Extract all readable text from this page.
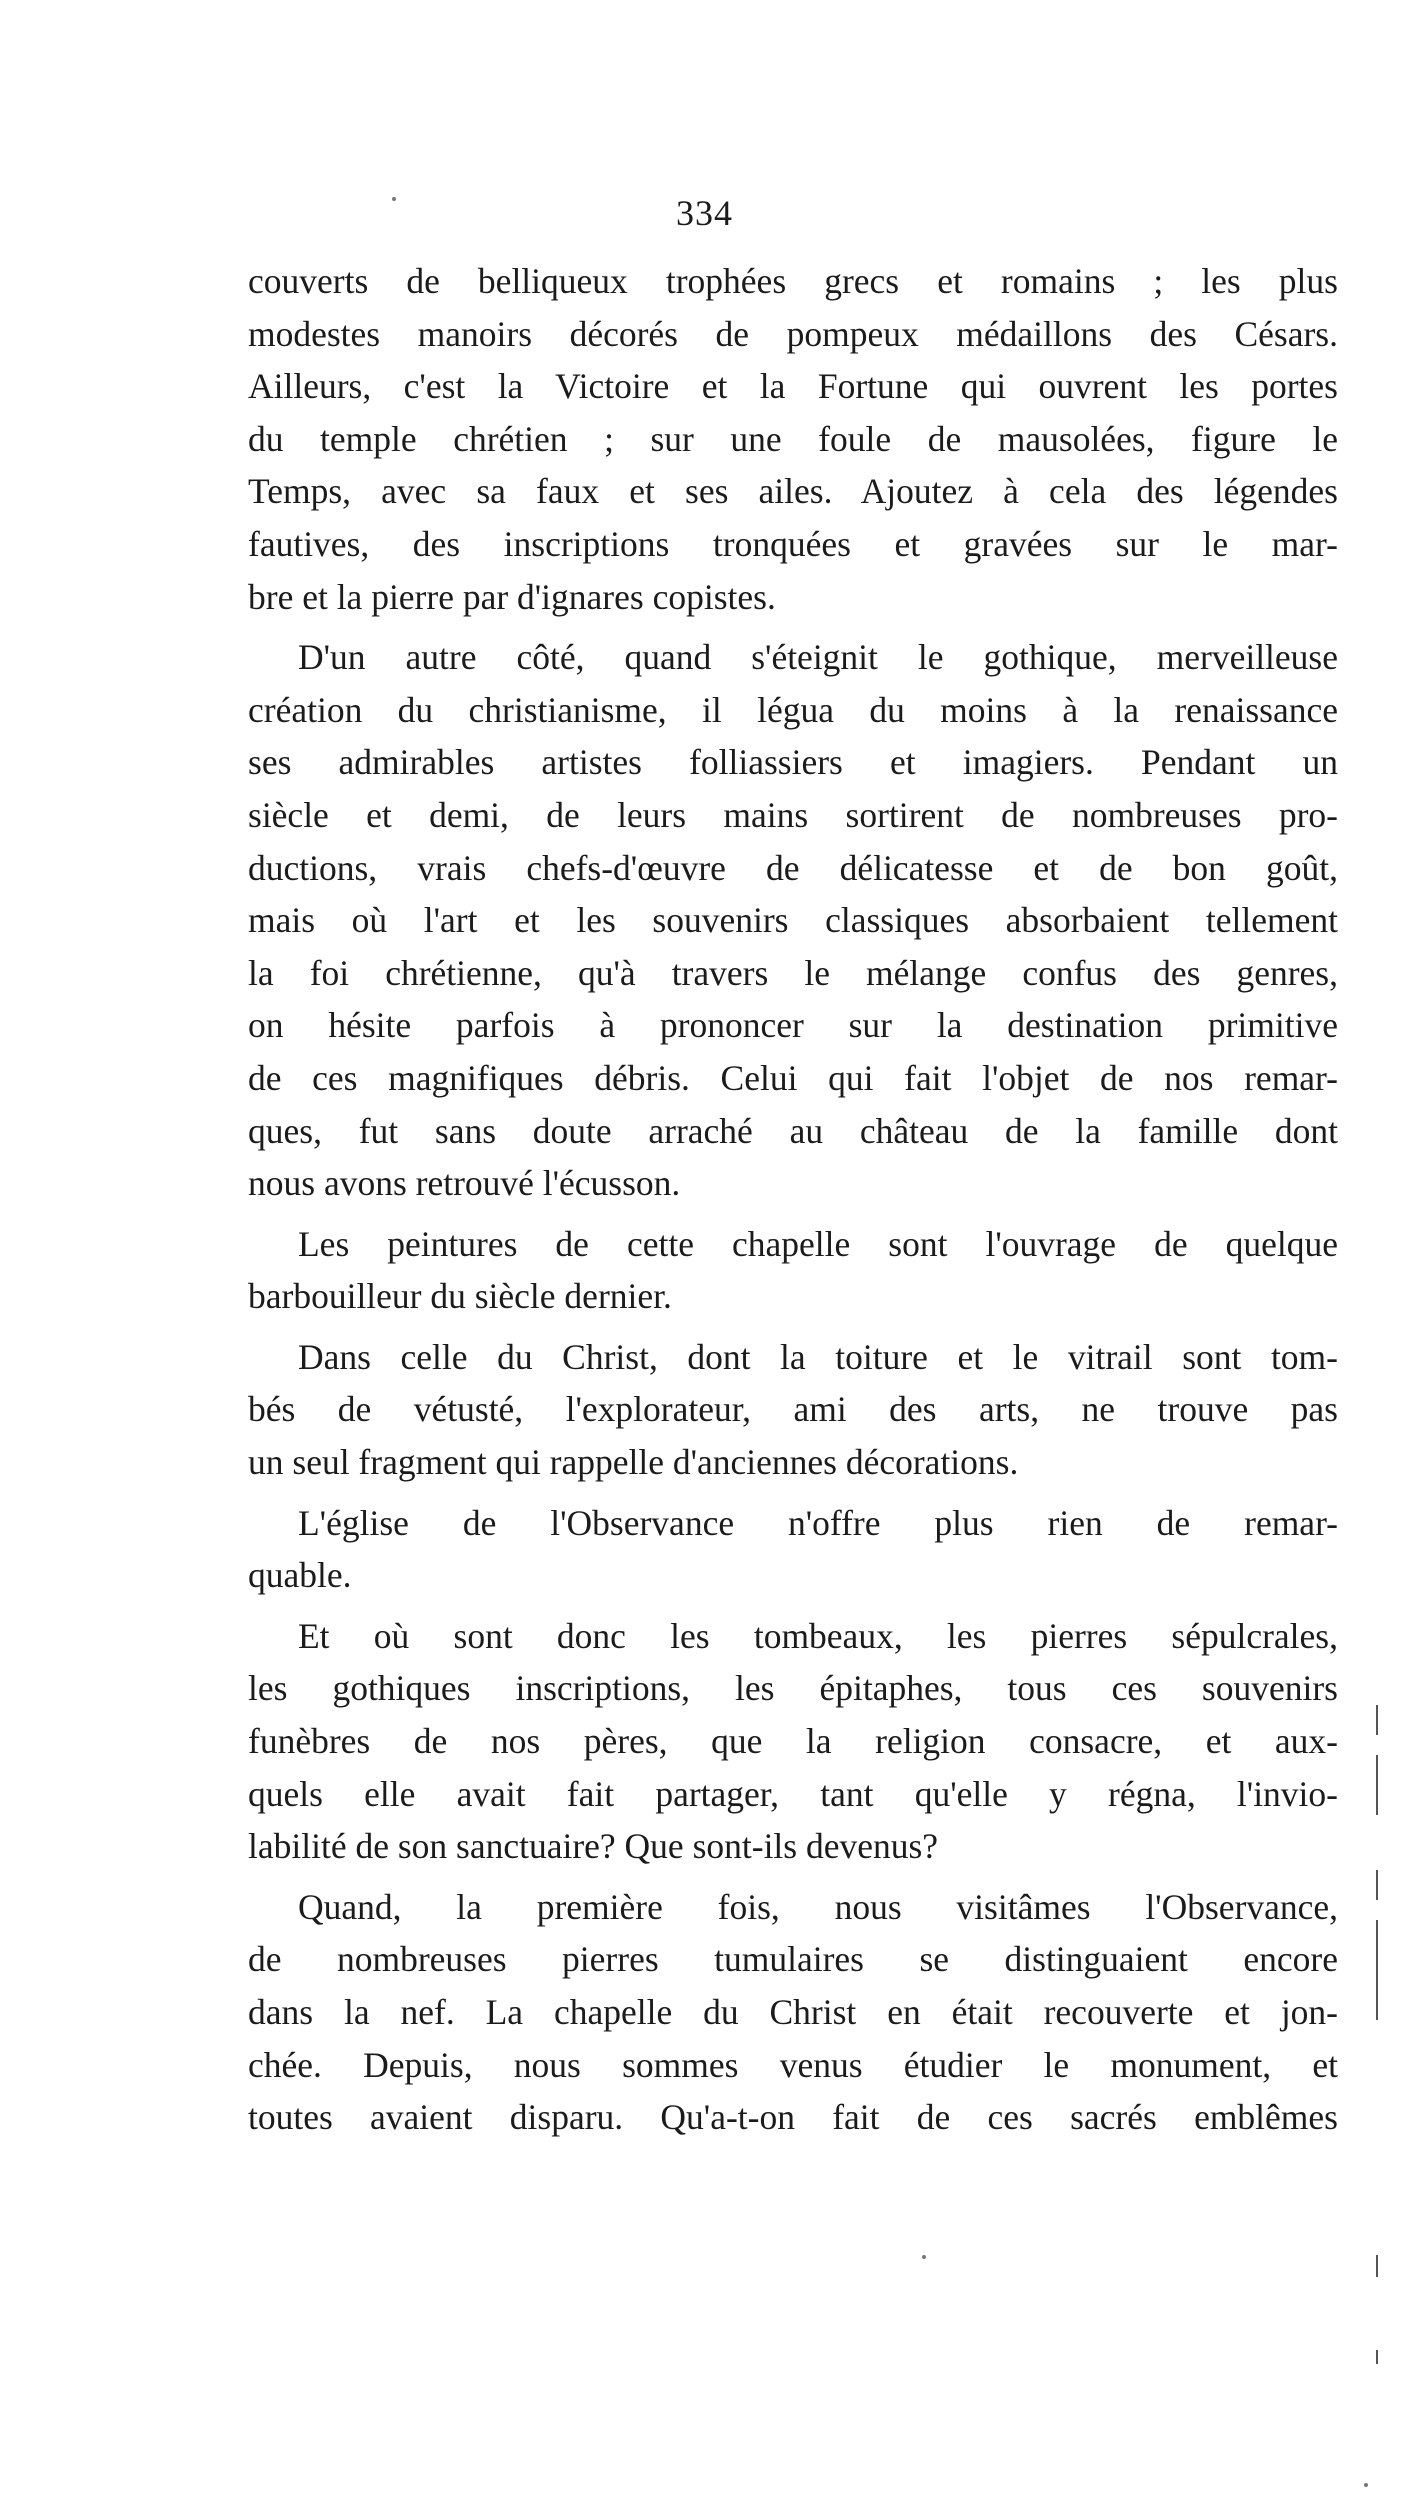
334
couverts de belliqueux trophées grecs et romains ; les plus
modestes manoirs décorés de pompeux médaillons des Césars.
Ailleurs, c'est la Victoire et la Fortune qui ouvrent les portes
du temple chrétien ; sur une foule de mausolées, figure le
Temps, avec sa faux et ses ailes. Ajoutez à cela des légendes
fautives, des inscriptions tronquées et gravées sur le mar-
bre et la pierre par d'ignares copistes.
D'un autre côté, quand s'éteignit le gothique, merveilleuse
création du christianisme, il légua du moins à la renaissance
ses admirables artistes folliassiers et imagiers. Pendant un
siècle et demi, de leurs mains sortirent de nombreuses pro-
ductions, vrais chefs-d'œuvre de délicatesse et de bon goût,
mais où l'art et les souvenirs classiques absorbaient tellement
la foi chrétienne, qu'à travers le mélange confus des genres,
on hésite parfois à prononcer sur la destination primitive
de ces magnifiques débris. Celui qui fait l'objet de nos remar-
ques, fut sans doute arraché au château de la famille dont
nous avons retrouvé l'écusson.
Les peintures de cette chapelle sont l'ouvrage de quelque
barbouilleur du siècle dernier.
Dans celle du Christ, dont la toiture et le vitrail sont tom-
bés de vétusté, l'explorateur, ami des arts, ne trouve pas
un seul fragment qui rappelle d'anciennes décorations.
L'église de l'Observance n'offre plus rien de remar-
quable.
Et où sont donc les tombeaux, les pierres sépulcrales,
les gothiques inscriptions, les épitaphes, tous ces souvenirs
funèbres de nos pères, que la religion consacre, et aux-
quels elle avait fait partager, tant qu'elle y régna, l'invio-
labilité de son sanctuaire? Que sont-ils devenus?
Quand, la première fois, nous visitâmes l'Observance,
de nombreuses pierres tumulaires se distinguaient encore
dans la nef. La chapelle du Christ en était recouverte et jon-
chée. Depuis, nous sommes venus étudier le monument, et
toutes avaient disparu. Qu'a-t-on fait de ces sacrés emblêmes
